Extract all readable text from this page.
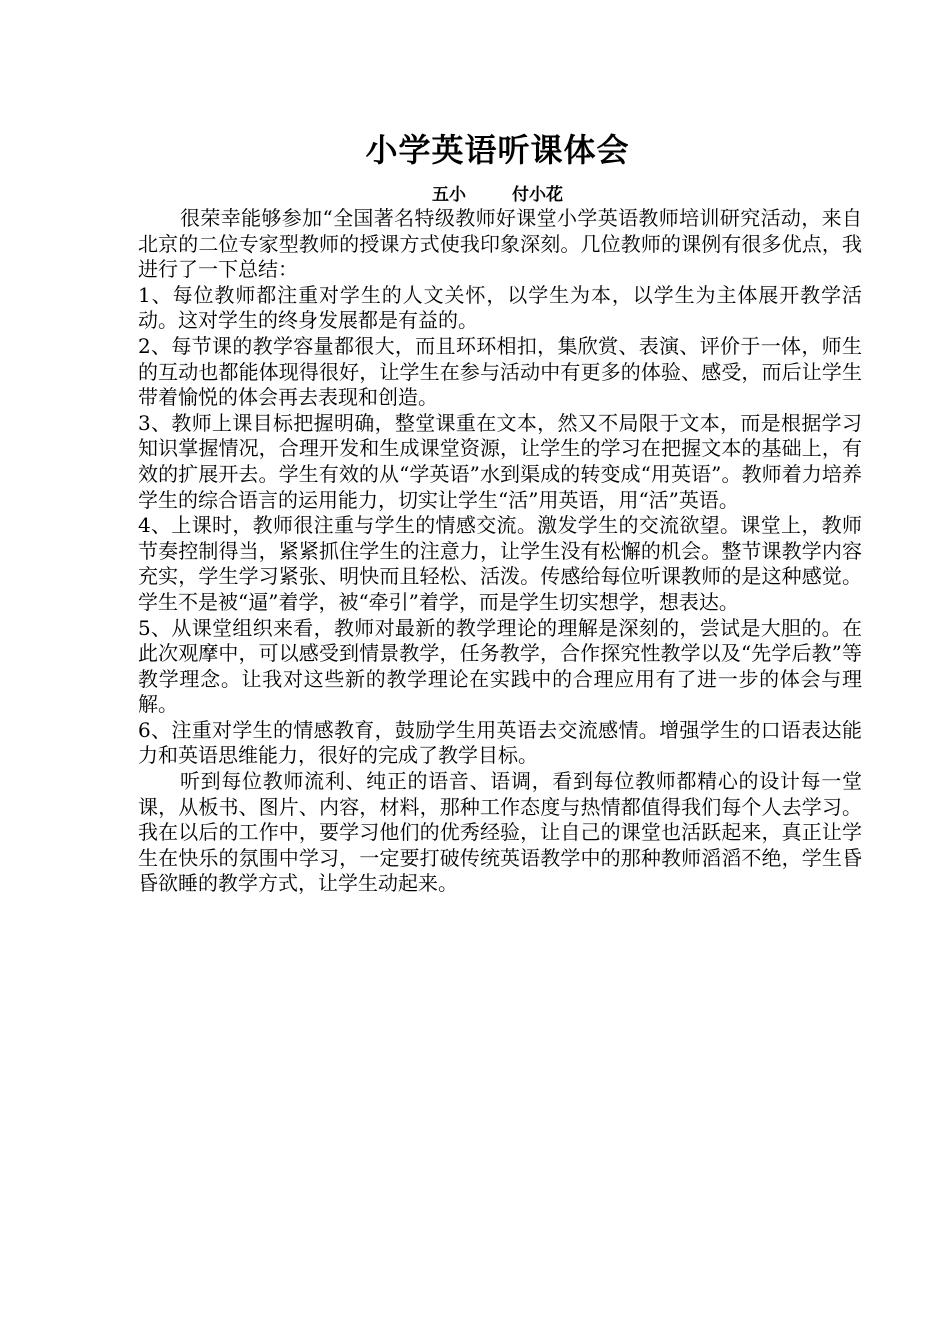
小学英语听课体会
五小	付小花

很荣幸能够参加“全国著名特级教师好课堂小学英语教师培训研究活动，来自北京的二位专家型教师的授课方式使我印象深刻。几位教师的课例有很多优点，我进行了一下总结：

1、每位教师都注重对学生的人文关怀，以学生为本，以学生为主体展开教学活动。这对学生的终身发展都是有益的。

2、每节课的教学容量都很大，而且环环相扣，集欣赏、表演、评价于一体，师生的互动也都能体现得很好，让学生在参与活动中有更多的体验、感受，而后让学生带着愉悦的体会再去表现和创造。

3、教师上课目标把握明确，整堂课重在文本，然又不局限于文本，而是根据学习知识掌握情况，合理开发和生成课堂资源，让学生的学习在把握文本的基础上，有效的扩展开去。学生有效的从“学英语”水到渠成的转变成“用英语”。教师着力培养学生的综合语言的运用能力，切实让学生“活”用英语，用“活”英语。

4、上课时，教师很注重与学生的情感交流。激发学生的交流欲望。课堂上，教师节奏控制得当，紧紧抓住学生的注意力，让学生没有松懈的机会。整节课教学内容充实，学生学习紧张、明快而且轻松、活泼。传感给每位听课教师的是这种感觉。学生不是被“逼”着学，被“牵引”着学，而是学生切实想学，想表达。

5、从课堂组织来看，教师对最新的教学理论的理解是深刻的，尝试是大胆的。在此次观摩中，可以感受到情景教学，任务教学，合作探究性教学以及“先学后教”等教学理念。让我对这些新的教学理论在实践中的合理应用有了进一步的体会与理解。

6、注重对学生的情感教育，鼓励学生用英语去交流感情。增强学生的口语表达能力和英语思维能力，很好的完成了教学目标。

听到每位教师流利、纯正的语音、语调，看到每位教师都精心的设计每一堂课，从板书、图片、内容，材料，那种工作态度与热情都值得我们每个人去学习。我在以后的工作中，要学习他们的优秀经验，让自己的课堂也活跃起来，真正让学生在快乐的氛围中学习，一定要打破传统英语教学中的那种教师滔滔不绝，学生昏昏欲睡的教学方式，让学生动起来。
